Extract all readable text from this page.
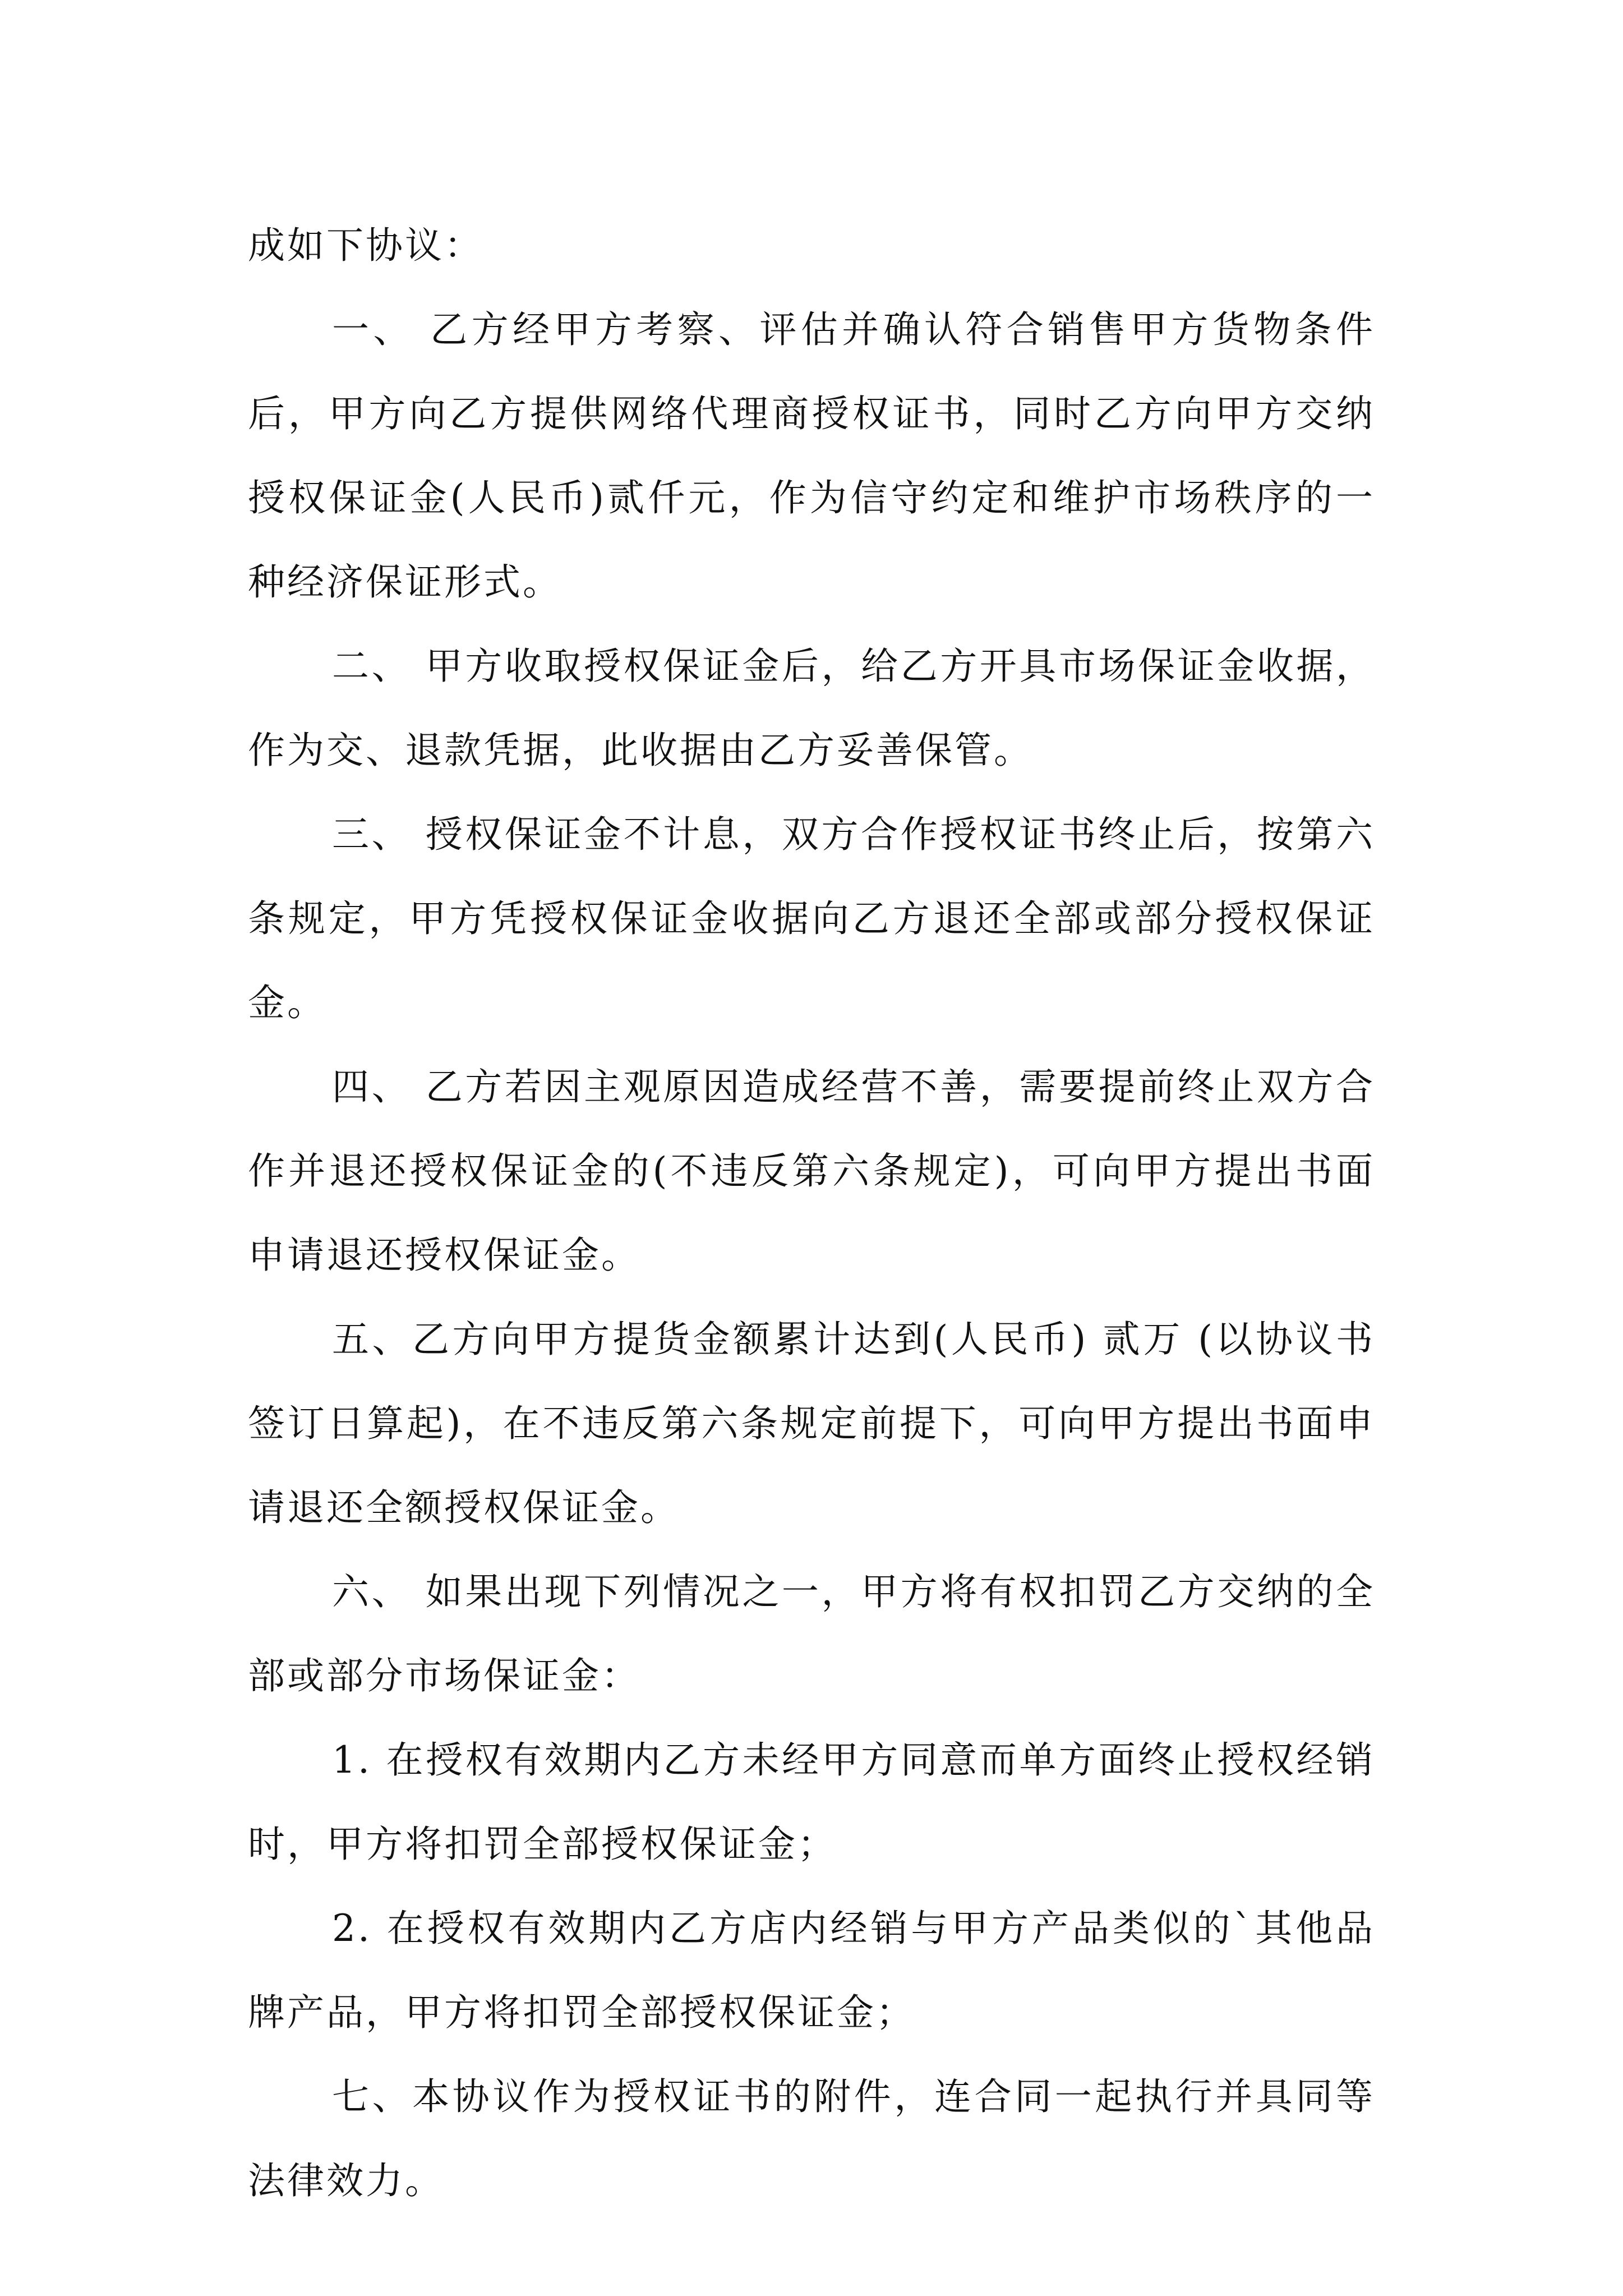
成如下协议：

一、 乙方经甲方考察、评估并确认符合销售甲方货物条件后，甲方向乙方提供网络代理商授权证书，同时乙方向甲方交纳授权保证金(人民币)贰仟元，作为信守约定和维护市场秩序的一种经济保证形式。

二、 甲方收取授权保证金后，给乙方开具市场保证金收据，作为交、退款凭据，此收据由乙方妥善保管。

三、 授权保证金不计息，双方合作授权证书终止后，按第六条规定，甲方凭授权保证金收据向乙方退还全部或部分授权保证金。

四、 乙方若因主观原因造成经营不善，需要提前终止双方合作并退还授权保证金的(不违反第六条规定)，可向甲方提出书面申请退还授权保证金。

五、乙方向甲方提货金额累计达到(人民币) 贰万 (以协议书签订日算起)，在不违反第六条规定前提下，可向甲方提出书面申请退还全额授权保证金。

六、 如果出现下列情况之一，甲方将有权扣罚乙方交纳的全部或部分市场保证金：

1. 在授权有效期内乙方未经甲方同意而单方面终止授权经销时，甲方将扣罚全部授权保证金；

2. 在授权有效期内乙方店内经销与甲方产品类似的`其他品牌产品，甲方将扣罚全部授权保证金；

七、本协议作为授权证书的附件，连合同一起执行并具同等法律效力。
